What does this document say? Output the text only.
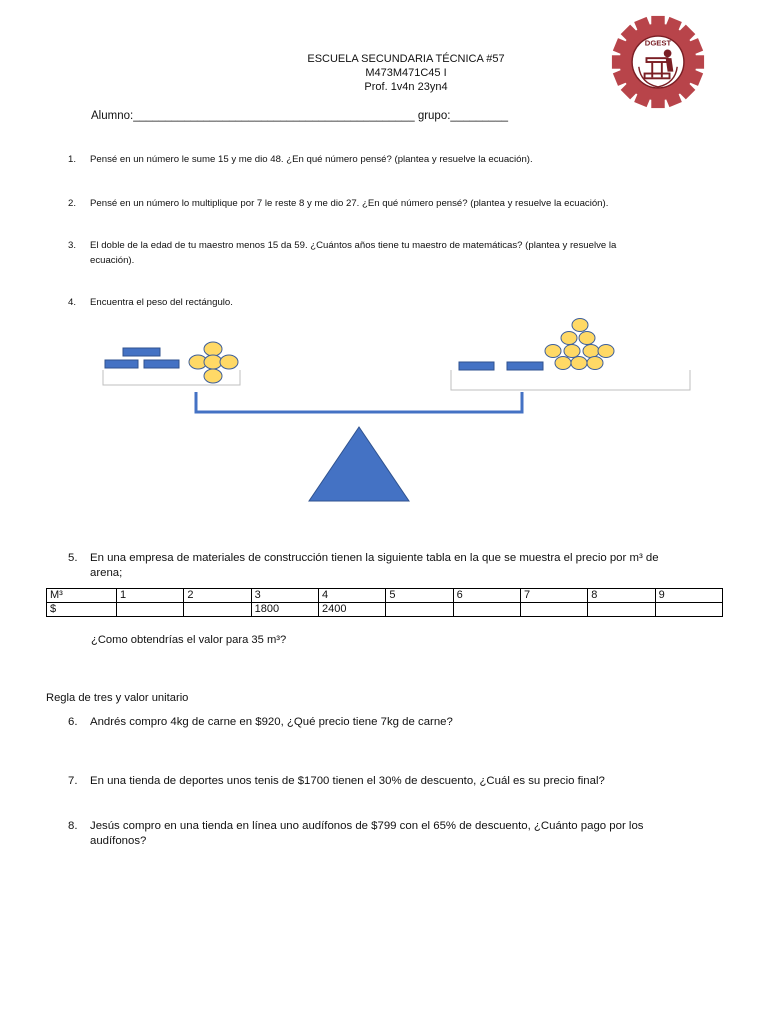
ESCUELA SECUNDARIA TÉCNICA #57
M473M471C45 I
Prof. 1v4n 23yn4
DGEST
Alumno:____________________________________________ grupo:_________
1. Pensé en un número le sume 15 y me dio 48. ¿En qué número pensé? (plantea y resuelve la ecuación).
2. Pensé en un número lo multiplique por 7 le reste 8 y me dio 27. ¿En qué número pensé? (plantea y resuelve la ecuación).
3. El doble de la edad de tu maestro menos 15 da 59. ¿Cuántos años tiene tu maestro de matemáticas? (plantea y resuelve la
ecuación).
4. Encuentra el peso del rectángulo.
5. En una empresa de materiales de construcción tienen la siguiente tabla en la que se muestra el precio por m³ de
arena;
M³	1	2	3	4	5	6	7	8	9
$			1800	2400					
¿Como obtendrías el valor para 35 m³?
Regla de tres y valor unitario
6. Andrés compro 4kg de carne en $920, ¿Qué precio tiene 7kg de carne?
7. En una tienda de deportes unos tenis de $1700 tienen el 30% de descuento, ¿Cuál es su precio final?
8. Jesús compro en una tienda en línea uno audífonos de $799 con el 65% de descuento, ¿Cuánto pago por los
audífonos?
